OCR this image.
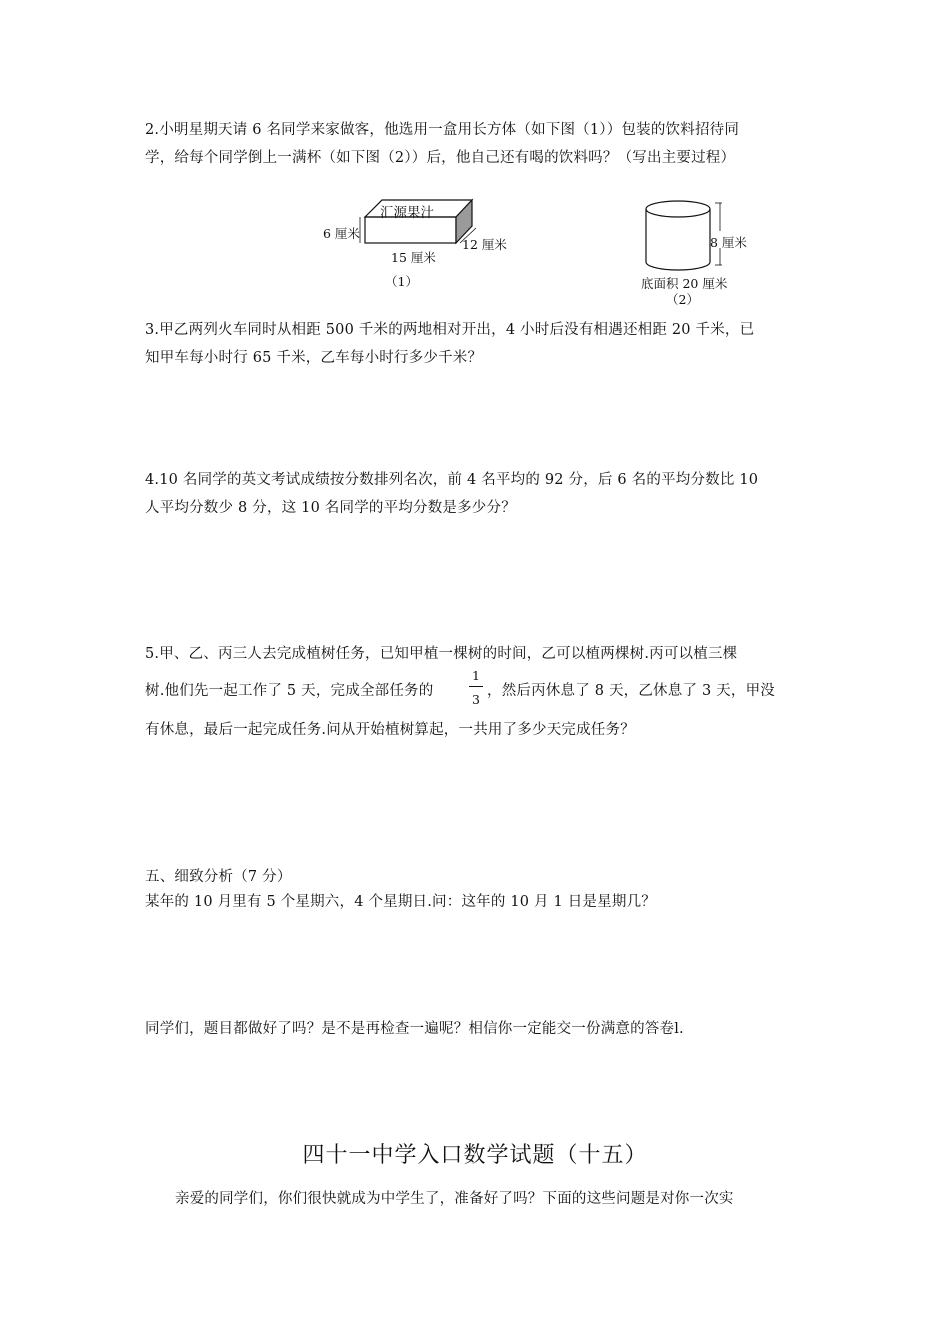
2.小明星期天请 6 名同学来家做客，他选用一盒用长方体（如下图（1））包装的饮料招待同
学，给每个同学倒上一满杯（如下图（2））后，他自己还有喝的饮料吗？（写出主要过程）
汇源果汁
6 厘米
12 厘米
15 厘米
（1）
8 厘米
底面积 20 厘米
（2）
3.甲乙两列火车同时从相距 500 千米的两地相对开出，4 小时后没有相遇还相距 20 千米，已
知甲车每小时行 65 千米，乙车每小时行多少千米？
4.10 名同学的英文考试成绩按分数排列名次，前 4 名平均的 92 分，后 6 名的平均分数比 10
人平均分数少 8 分，这 10 名同学的平均分数是多少分？
5.甲、乙、丙三人去完成植树任务，已知甲植一棵树的时间，乙可以植两棵树.丙可以植三棵
树.他们先一起工作了 5 天，完成全部任务的
1
3
，然后丙休息了 8 天，乙休息了 3 天，甲没
有休息，最后一起完成任务.问从开始植树算起，一共用了多少天完成任务？
五、细致分析（7 分）
某年的 10 月里有 5 个星期六，4 个星期日.问：这年的 10 月 1 日是星期几？
同学们，题目都做好了吗？是不是再检查一遍呢？相信你一定能交一份满意的答卷l.
四十一中学入口数学试题（十五）
亲爱的同学们，你们很快就成为中学生了，准备好了吗？下面的这些问题是对你一次实
